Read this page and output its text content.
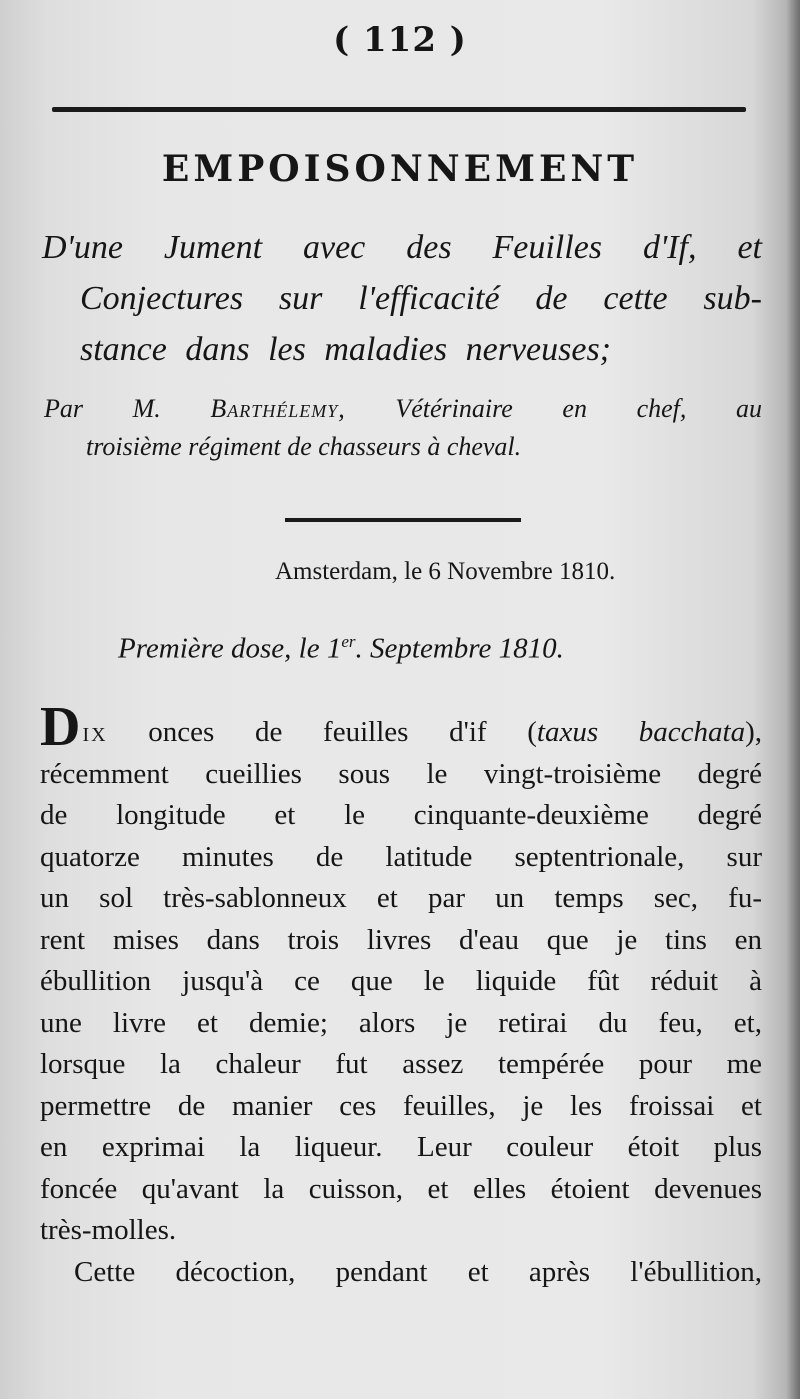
( 112 )
EMPOISONNEMENT
D'une Jument avec des Feuilles d'If, et
Conjectures sur l'efficacité de cette sub-
stance dans les maladies nerveuses;
Par M. Barthélemy, Vétérinaire en chef, au
troisième régiment de chasseurs à cheval.
Amsterdam, le 6 Novembre 1810.
Première dose, le 1er. Septembre 1810.
Dix onces de feuilles d'if (taxus bacchata),
récemment cueillies sous le vingt-troisième degré
de longitude et le cinquante-deuxième degré
quatorze minutes de latitude septentrionale, sur
un sol très-sablonneux et par un temps sec, fu-
rent mises dans trois livres d'eau que je tins en
ébullition jusqu'à ce que le liquide fût réduit à
une livre et demie; alors je retirai du feu, et,
lorsque la chaleur fut assez tempérée pour me
permettre de manier ces feuilles, je les froissai et
en exprimai la liqueur. Leur couleur étoit plus
foncée qu'avant la cuisson, et elles étoient devenues
très-molles.
Cette décoction, pendant et après l'ébullition,
